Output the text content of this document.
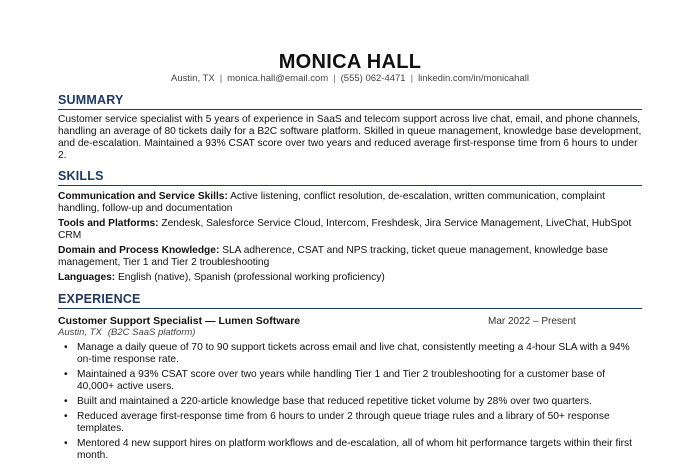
MONICA HALL
Austin, TX | monica.hall@email.com | (555) 062-4471 | linkedin.com/in/monicahall
SUMMARY
Customer service specialist with 5 years of experience in SaaS and telecom support across live chat, email, and phone channels, handling an average of 80 tickets daily for a B2C software platform. Skilled in queue management, knowledge base development, and de-escalation. Maintained a 93% CSAT score over two years and reduced average first-response time from 6 hours to under 2.
SKILLS
Communication and Service Skills: Active listening, conflict resolution, de-escalation, written communication, complaint handling, follow-up and documentation
Tools and Platforms: Zendesk, Salesforce Service Cloud, Intercom, Freshdesk, Jira Service Management, LiveChat, HubSpot CRM
Domain and Process Knowledge: SLA adherence, CSAT and NPS tracking, ticket queue management, knowledge base management, Tier 1 and Tier 2 troubleshooting
Languages: English (native), Spanish (professional working proficiency)
EXPERIENCE
Customer Support Specialist — Lumen Software	Mar 2022 – Present
Austin, TX (B2C SaaS platform)
• Manage a daily queue of 70 to 90 support tickets across email and live chat, consistently meeting a 4-hour SLA with a 94% on-time response rate.
• Maintained a 93% CSAT score over two years while handling Tier 1 and Tier 2 troubleshooting for a customer base of 40,000+ active users.
• Built and maintained a 220-article knowledge base that reduced repetitive ticket volume by 28% over two quarters.
• Reduced average first-response time from 6 hours to under 2 through queue triage rules and a library of 50+ response templates.
• Mentored 4 new support hires on platform workflows and de-escalation, all of whom hit performance targets within their first month.
